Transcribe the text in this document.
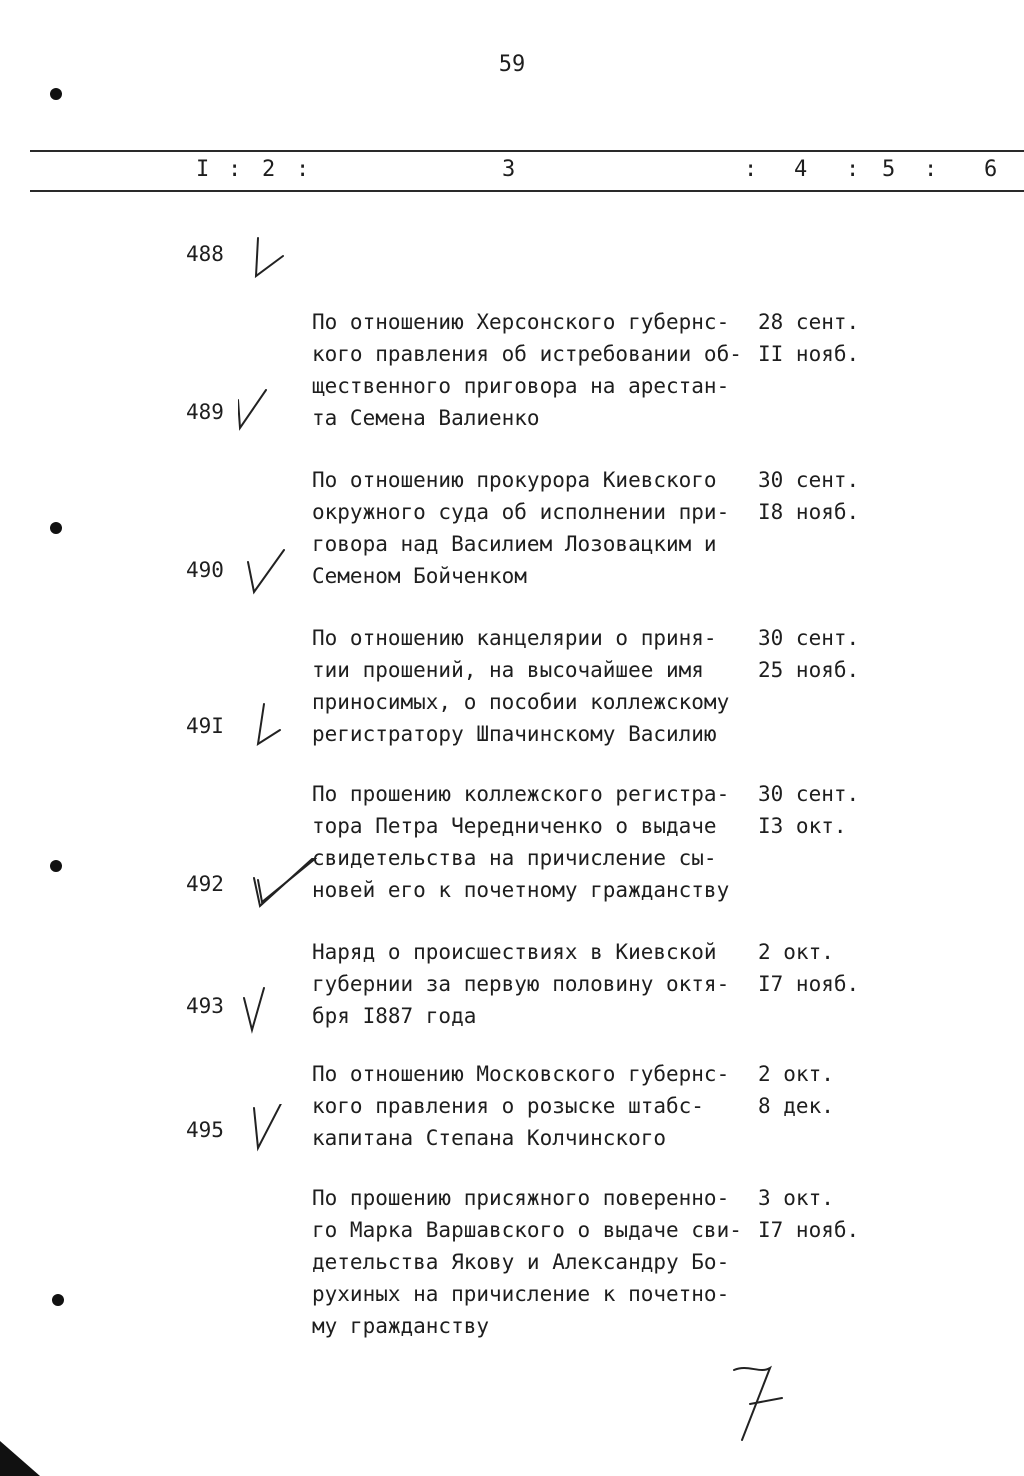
59
I : 2 :	3	: 4 : 5 : 6
488

По отношению Херсонского губернс-
кого правления об истребовании об-
щественного приговора на арестан-
та Семена Валиенко

28 сент.
II нояб.

489

По отношению прокурора Киевского
окружного суда об исполнении при-
говора над Василием Лозовацким и
Семеном Бойченком

30 сент.
I8 нояб.

490

По отношению канцелярии о приня-
тии прошений, на высочайшее имя
приносимых, о пособии коллежскому
регистратору Шпачинскому Василию

30 сент.
25 нояб.

49I

По прошению коллежского регистра-
тора Петра Чередниченко о выдаче
свидетельства на причисление сы-
новей его к почетному гражданству

30 сент.
I3 окт.

492

Наряд о происшествиях в Киевской
губернии за первую половину октя-
бря I887 года

2 окт.
I7 нояб.

493

По отношению Московского губернс-
кого правления о розыске штабс-
капитана Степана Колчинского

2 окт.
8 дек.

495

По прошению присяжного поверенно-
го Марка Варшавского о выдаче сви-
детельства Якову и Александру Бо-
рухиных на причисление к почетно-
му гражданству

3 окт.
I7 нояб.
